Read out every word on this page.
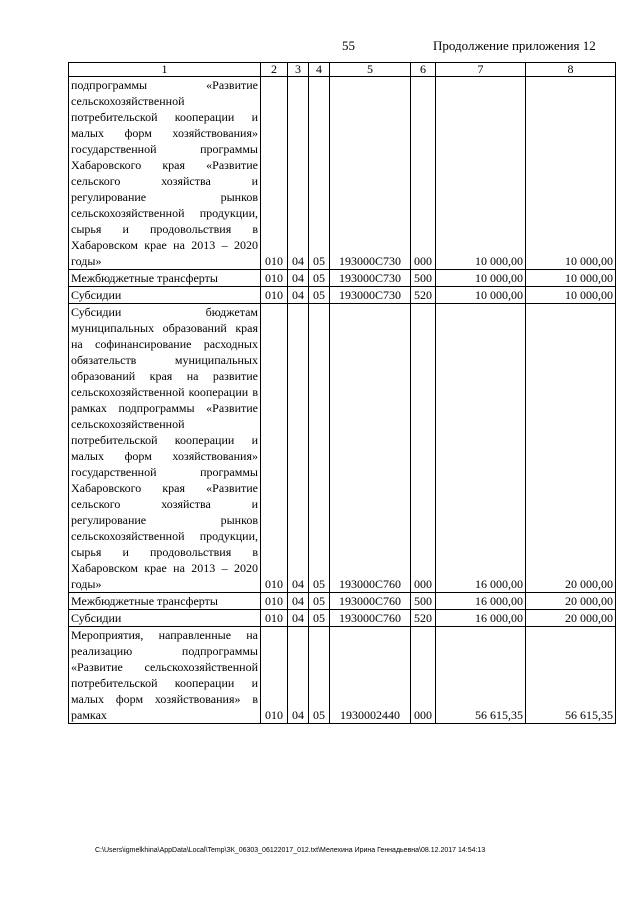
55	Продолжение приложения 12
1	2	3	4	5	6	7	8
подпрограммы «Развитие сельскохозяйственной потребительской кооперации и малых форм хозяйствования» государственной программы Хабаровского края «Развитие сельского хозяйства и регулирование рынков сельскохозяйственной продукции, сырья и продовольствия в Хабаровском крае на 2013 – 2020 годы»	010	04	05	193000С730	000	10 000,00	10 000,00
Межбюджетные трансферты	010	04	05	193000С730	500	10 000,00	10 000,00
Субсидии	010	04	05	193000С730	520	10 000,00	10 000,00
Субсидии бюджетам муниципальных образований края на софинансирование расходных обязательств муниципальных образований края на развитие сельскохозяйственной кооперации в рамках подпрограммы «Развитие сельскохозяйственной потребительской кооперации и малых форм хозяйствования» государственной программы Хабаровского края «Развитие сельского хозяйства и регулирование рынков сельскохозяйственной продукции, сырья и продовольствия в Хабаровском крае на 2013 – 2020 годы»	010	04	05	193000С760	000	16 000,00	20 000,00
Межбюджетные трансферты	010	04	05	193000С760	500	16 000,00	20 000,00
Субсидии	010	04	05	193000С760	520	16 000,00	20 000,00
Мероприятия, направленные на реализацию подпрограммы «Развитие сельскохозяйственной потребительской кооперации и малых форм хозяйствования» в рамках	010	04	05	1930002440	000	56 615,35	56 615,35
C:\Users\igmelkhina\AppData\Local\Temp\ЗК_06303_06122017_012.txt\Мелехина Ирина Геннадьевна\08.12.2017 14:54:13
